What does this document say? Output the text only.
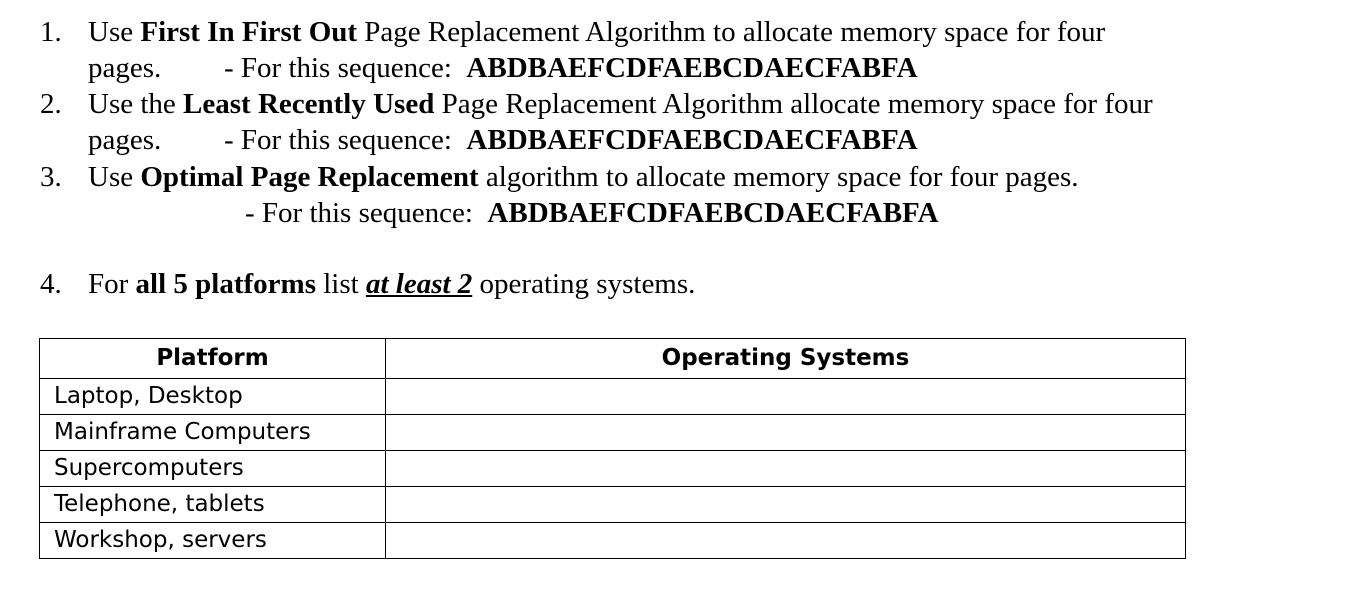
1. Use First In First Out Page Replacement Algorithm to allocate memory space for four
pages. - For this sequence:  ABDBAEFCDFAEBCDAECFABFA
2. Use the Least Recently Used Page Replacement Algorithm allocate memory space for four
pages. - For this sequence:  ABDBAEFCDFAEBCDAECFABFA
3. Use Optimal Page Replacement algorithm to allocate memory space for four pages.
- For this sequence:  ABDBAEFCDFAEBCDAECFABFA
4. For all 5 platforms list at least 2 operating systems.
Platform	Operating Systems
Laptop, Desktop	
Mainframe Computers	
Supercomputers	
Telephone, tablets	
Workshop, servers	
